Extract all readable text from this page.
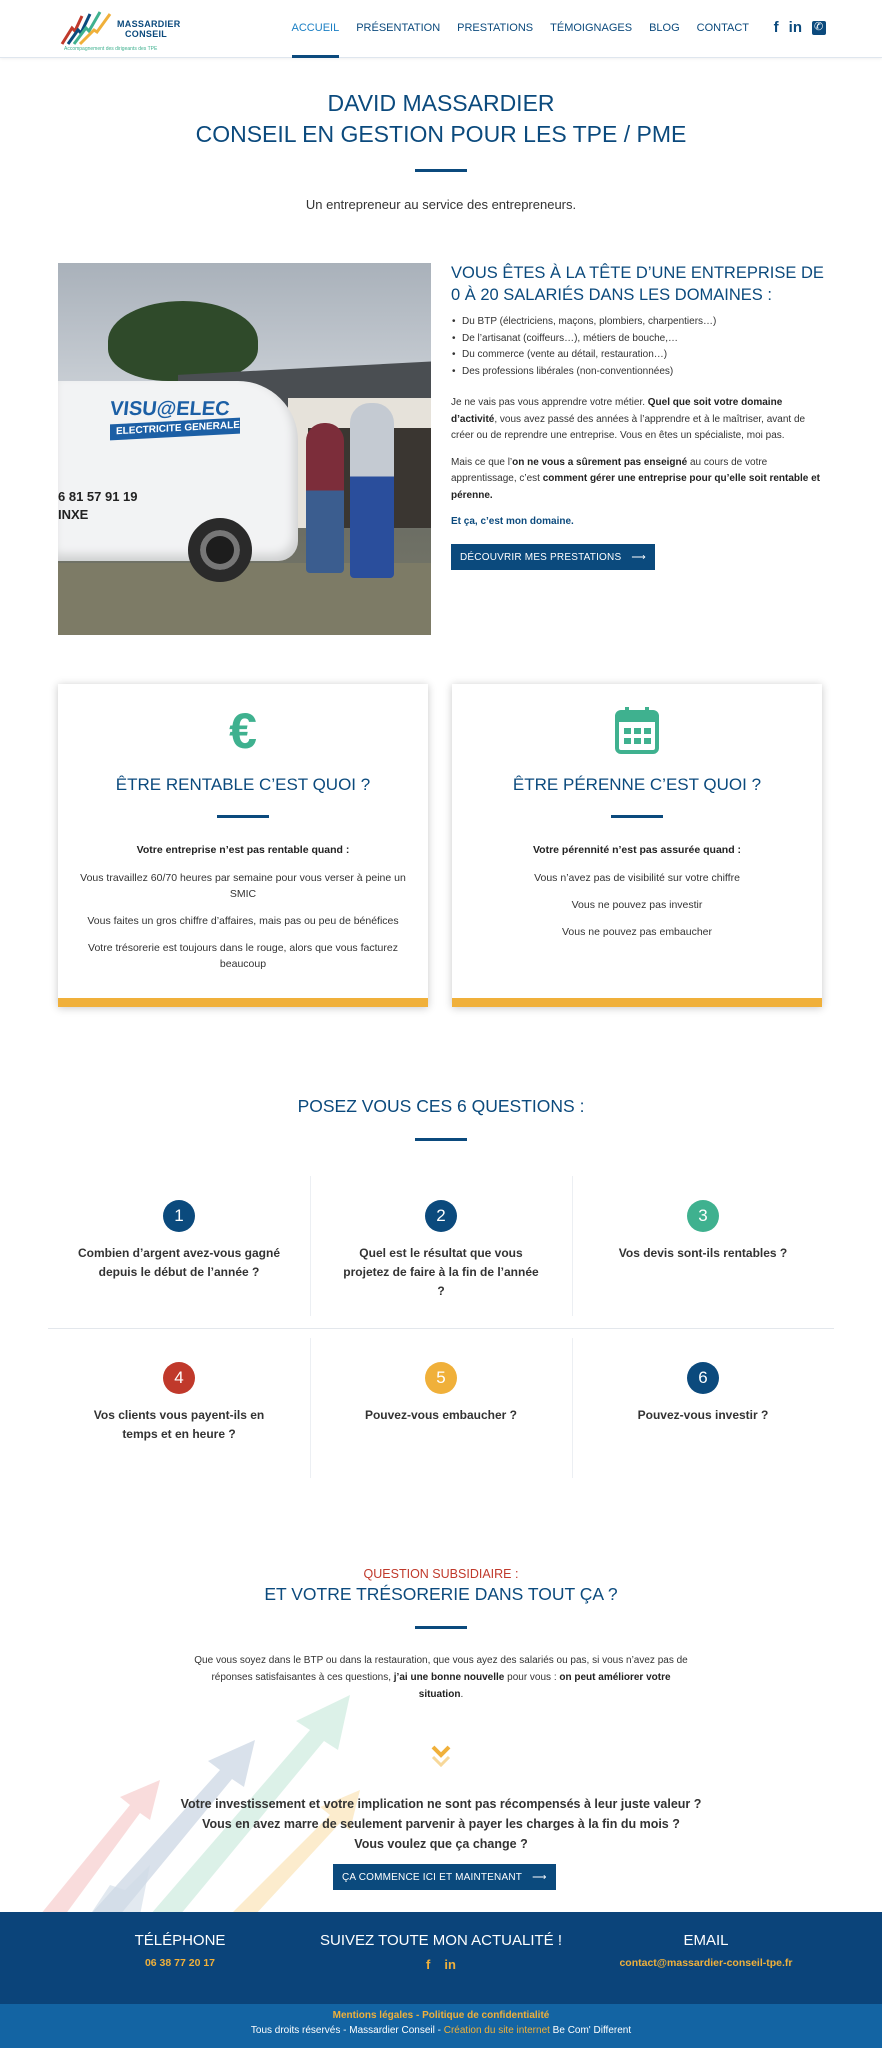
MASSARDIER
CONSEIL
Accompagnement des dirigeants des TPE
ACCUEIL PRÉSENTATION PRESTATIONS TÉMOIGNAGES BLOG CONTACT f in
✆
DAVID MASSARDIER
CONSEIL EN GESTION POUR LES TPE / PME
Un entrepreneur au service des entrepreneurs.
VISU@ELEC
ELECTRICITE GENERALE
6 81 57 91 19
INXE
VOUS ÊTES À LA TÊTE D’UNE ENTREPRISE DE 0 À 20 SALARIÉS DANS LES DOMAINES :
• Du BTP (électriciens, maçons, plombiers, charpentiers…)
• De l’artisanat (coiffeurs…), métiers de bouche,…
• Du commerce (vente au détail, restauration…)
• Des professions libérales (non-conventionnées)

Je ne vais pas vous apprendre votre métier. Quel que soit votre domaine d’activité, vous avez passé des années à l’apprendre et à le maîtriser, avant de créer ou de reprendre une entreprise. Vous en êtes un spécialiste, moi pas.

Mais ce que l’on ne vous a sûrement pas enseigné au cours de votre apprentissage, c’est comment gérer une entreprise pour qu’elle soit rentable et pérenne.

Et ça, c’est mon domaine.

DÉCOUVRIR MES PRESTATIONS ⟶
€
ÊTRE RENTABLE C’EST QUOI ?

Votre entreprise n’est pas rentable quand :

Vous travaillez 60/70 heures par semaine pour vous verser à peine un SMIC

Vous faites un gros chiffre d’affaires, mais pas ou peu de bénéfices

Votre trésorerie est toujours dans le rouge, alors que vous facturez beaucoup

ÊTRE PÉRENNE C’EST QUOI ?

Votre pérennité n’est pas assurée quand :

Vous n’avez pas de visibilité sur votre chiffre

Vous ne pouvez pas investir

Vous ne pouvez pas embaucher

POSEZ VOUS CES 6 QUESTIONS :
1
Combien d’argent avez-vous gagné depuis le début de l’année ?
2
Quel est le résultat que vous projetez de faire à la fin de l’année ?
3
Vos devis sont-ils rentables ?
4
Vos clients vous payent-ils en temps et en heure ?
5
Pouvez-vous embaucher ?
6
Pouvez-vous investir ?
QUESTION SUBSIDIAIRE :
ET VOTRE TRÉSORERIE DANS TOUT ÇA ?
Que vous soyez dans le BTP ou dans la restauration, que vous ayez des salariés ou pas, si vous n’avez pas de réponses satisfaisantes à ces questions, j’ai une bonne nouvelle pour vous : on peut améliorer votre situation.
Votre investissement et votre implication ne sont pas récompensés à leur juste valeur ?
Vous en avez marre de seulement parvenir à payer les charges à la fin du mois ?
Vous voulez que ça change ?
ÇA COMMENCE ICI ET MAINTENANT ⟶
TÉLÉPHONE
06 38 77 20 17
SUIVEZ TOUTE MON ACTUALITÉ !
f in
EMAIL
contact@massardier-conseil-tpe.fr
Mentions légales - Politique de confidentialité
Tous droits réservés - Massardier Conseil - Création du site internet Be Com' Different
